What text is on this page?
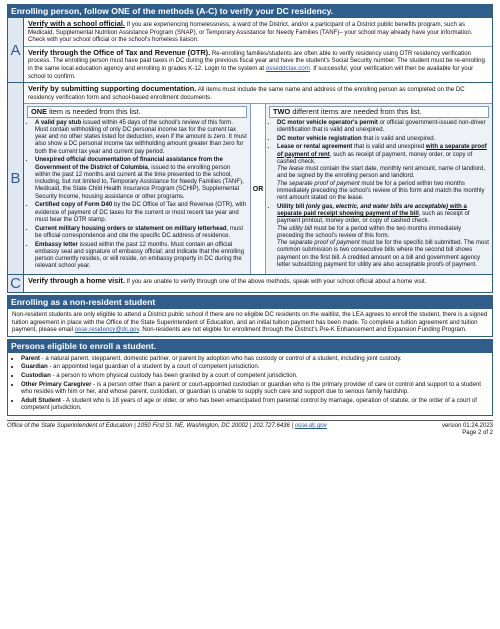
Enrolling person, follow ONE of the methods (A-C) to verify your DC residency.
A
Verify with a school official. If you are experiencing homelessness, a ward of the District, and/or a participant of a District public benefits program, such as Medicaid, Supplemental Nutrition Assistance Program (SNAP), or Temporary Assistance for Needy Families (TANF)– your school may already have your information. Check with your school official or the school's homeless liaison.
Verify through the Office of Tax and Revenue (OTR). Re-enrolling families/students are often able to verify residency using OTR residency verification process. The enrolling person must have paid taxes in DC during the previous fiscal year and have the student's Social Security number. The student must be re-enrolling in the same local education agency and enrolling in grades K-12. Login to the system at osseddctax.com. If successful, your verification will then be available for your school to confirm.
B
Verify by submitting supporting documentation. All items must include the same name and address of the enrolling person as completed on the DC residency verification form and school-based enrollment documents.
ONE item is needed from this list.
• A valid pay stub issued within 45 days of the school's review of this form. Must contain withholding of only DC personal income tax for the current tax year and no other states listed for deduction, even if the amount is zero. It must also show a DC personal income tax withholding amount greater than zero for both the current tax year and current pay period.
• Unexpired official documentation of financial assistance from the Government of the District of Columbia, issued to the enrolling person within the past 12 months and current at the time presented to the school, including, but not limited to, Temporary Assistance for Needy Families (TANF), Medicaid, the State Child Health Insurance Program (SCHIP), Supplemental Security Income, housing assistance or other programs.
• Certified copy of Form D40 by the DC Office of Tax and Revenue (OTR), with evidence of payment of DC taxes for the current or most recent tax year and must bear the OTR stamp.
• Current military housing orders or statement on military letterhead, must be official correspondence and cite the specific DC address of residence.
• Embassy letter issued within the past 12 months. Must contain an official embassy seal and signature of embassy official; and indicate that the enrolling person currently resides, or will reside, on embassy property in DC during the relevant school year.
OR
TWO different items are needed from this list.
• DC motor vehicle operator's permit or official government-issued non-driver identification that is valid and unexpired.
• DC motor vehicle registration that is valid and unexpired.
• Lease or rental agreement that is valid and unexpired with a separate proof of payment of rent, such as receipt of payment, money order, or copy of cashed check.
The lease must contain the start date, monthly rent amount, name of landlord, and be signed by the enrolling person and landlord.
The separate proof of payment must be for a period within two months immediately preceding the school's review of this form and match the monthly rent amount stated on the lease.
• Utility bill (only gas, electric, and water bills are acceptable) with a separate paid receipt showing payment of the bill, such as receipt of payment printout, money order, or copy of cashed check.
The utility bill must be for a period within the two months immediately preceding the school's review of this form.
The separate proof of payment must be for the specific bill submitted. The most common submission is two consecutive bills where the second bill shows payment on the first bill. A credited amount on a bill and government agency letter subsidizing payment for utility are also acceptable proofs of payment.
C Verify through a home visit. If you are unable to verify through one of the above methods, speak with your school official about a home visit.
Enrolling as a non-resident student
Non-resident students are only eligible to attend a District public school if there are no eligible DC residents on the waitlist, the LEA agrees to enroll the student, there is a signed tuition agreement in place with the Office of the State Superintendent of Education, and an initial tuition payment has been made. To complete a tuition agreement and tuition payment, please email osse.residency@dc.gov. Non-residents are not eligible for enrollment through the District's Pre-K Enhancement and Expansion Funding Program.
Persons eligible to enroll a student.
• Parent - a natural parent, stepparent, domestic partner, or parent by adoption who has custody or control of a student, including joint custody.
• Guardian - an appointed legal guardian of a student by a court of competent jurisdiction.
• Custodian - a person to whom physical custody has been granted by a court of competent jurisdiction.
• Other Primary Caregiver - is a person other than a parent or court-appointed custodian or guardian who is the primary provider of care or control and support to a student who resides with him or her, and whose parent, custodian, or guardian is unable to supply such care and support due to serious family hardship.
• Adult Student - A student who is 18 years of age or older, or who has been emancipated from parental control by marriage, operation of statute, or the order of a court of competent jurisdiction.
Office of the State Superintendent of Education | 1050 First St. NE, Washington, DC 20002 | 202.727.6436 | osse.dc.gov	version 01.24.2023
Page 2 of 2
